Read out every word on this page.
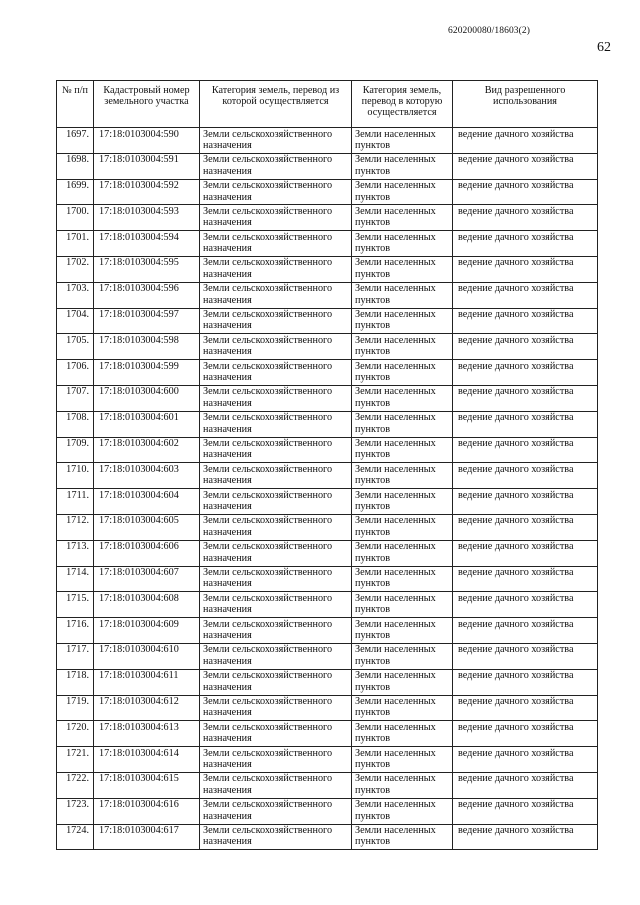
620200080/18603(2)
62
№ п/п	Кадастровый номер земельного участка	Категория земель, перевод из которой осуществляется	Категория земель, перевод в которую осуществляется	Вид разрешенного использования
1697.	17:18:0103004:590	Земли сельскохозяйственного назначения	Земли населенных пунктов	ведение дачного хозяйства
1698.	17:18:0103004:591	Земли сельскохозяйственного назначения	Земли населенных пунктов	ведение дачного хозяйства
1699.	17:18:0103004:592	Земли сельскохозяйственного назначения	Земли населенных пунктов	ведение дачного хозяйства
1700.	17:18:0103004:593	Земли сельскохозяйственного назначения	Земли населенных пунктов	ведение дачного хозяйства
1701.	17:18:0103004:594	Земли сельскохозяйственного назначения	Земли населенных пунктов	ведение дачного хозяйства
1702.	17:18:0103004:595	Земли сельскохозяйственного назначения	Земли населенных пунктов	ведение дачного хозяйства
1703.	17:18:0103004:596	Земли сельскохозяйственного назначения	Земли населенных пунктов	ведение дачного хозяйства
1704.	17:18:0103004:597	Земли сельскохозяйственного назначения	Земли населенных пунктов	ведение дачного хозяйства
1705.	17:18:0103004:598	Земли сельскохозяйственного назначения	Земли населенных пунктов	ведение дачного хозяйства
1706.	17:18:0103004:599	Земли сельскохозяйственного назначения	Земли населенных пунктов	ведение дачного хозяйства
1707.	17:18:0103004:600	Земли сельскохозяйственного назначения	Земли населенных пунктов	ведение дачного хозяйства
1708.	17:18:0103004:601	Земли сельскохозяйственного назначения	Земли населенных пунктов	ведение дачного хозяйства
1709.	17:18:0103004:602	Земли сельскохозяйственного назначения	Земли населенных пунктов	ведение дачного хозяйства
1710.	17:18:0103004:603	Земли сельскохозяйственного назначения	Земли населенных пунктов	ведение дачного хозяйства
1711.	17:18:0103004:604	Земли сельскохозяйственного назначения	Земли населенных пунктов	ведение дачного хозяйства
1712.	17:18:0103004:605	Земли сельскохозяйственного назначения	Земли населенных пунктов	ведение дачного хозяйства
1713.	17:18:0103004:606	Земли сельскохозяйственного назначения	Земли населенных пунктов	ведение дачного хозяйства
1714.	17:18:0103004:607	Земли сельскохозяйственного назначения	Земли населенных пунктов	ведение дачного хозяйства
1715.	17:18:0103004:608	Земли сельскохозяйственного назначения	Земли населенных пунктов	ведение дачного хозяйства
1716.	17:18:0103004:609	Земли сельскохозяйственного назначения	Земли населенных пунктов	ведение дачного хозяйства
1717.	17:18:0103004:610	Земли сельскохозяйственного назначения	Земли населенных пунктов	ведение дачного хозяйства
1718.	17:18:0103004:611	Земли сельскохозяйственного назначения	Земли населенных пунктов	ведение дачного хозяйства
1719.	17:18:0103004:612	Земли сельскохозяйственного назначения	Земли населенных пунктов	ведение дачного хозяйства
1720.	17:18:0103004:613	Земли сельскохозяйственного назначения	Земли населенных пунктов	ведение дачного хозяйства
1721.	17:18:0103004:614	Земли сельскохозяйственного назначения	Земли населенных пунктов	ведение дачного хозяйства
1722.	17:18:0103004:615	Земли сельскохозяйственного назначения	Земли населенных пунктов	ведение дачного хозяйства
1723.	17:18:0103004:616	Земли сельскохозяйственного назначения	Земли населенных пунктов	ведение дачного хозяйства
1724.	17:18:0103004:617	Земли сельскохозяйственного назначения	Земли населенных пунктов	ведение дачного хозяйства
